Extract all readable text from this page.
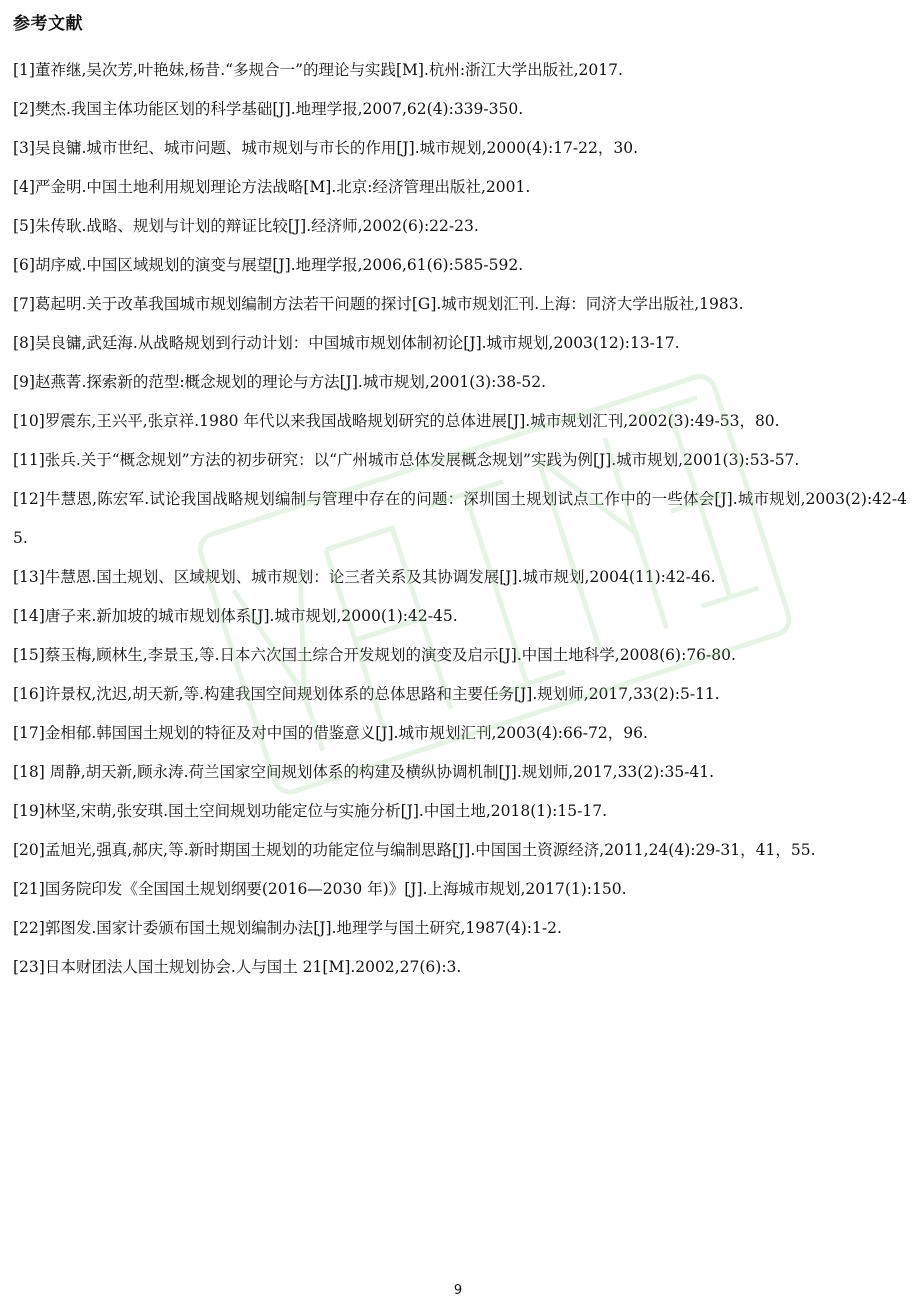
参考文献
[1]董祚继,吴次芳,叶艳妹,杨昔.“多规合一”的理论与实践[M].杭州:浙江大学出版社,2017.
[2]樊杰.我国主体功能区划的科学基础[J].地理学报,2007,62(4):339-350.
[3]吴良镛.城市世纪、城市问题、城市规划与市长的作用[J].城市规划,2000(4):17-22，30.
[4]严金明.中国土地利用规划理论方法战略[M].北京:经济管理出版社,2001.
[5]朱传耿.战略、规划与计划的辩证比较[J].经济师,2002(6):22-23.
[6]胡序威.中国区域规划的演变与展望[J].地理学报,2006,61(6):585-592.
[7]葛起明.关于改革我国城市规划编制方法若干问题的探讨[G].城市规划汇刊.上海：同济大学出版社,1983.
[8]吴良镛,武廷海.从战略规划到行动计划：中国城市规划体制初论[J].城市规划,2003(12):13-17.
[9]赵燕菁.探索新的范型:概念规划的理论与方法[J].城市规划,2001(3):38-52.
[10]罗震东,王兴平,张京祥.1980 年代以来我国战略规划研究的总体进展[J].城市规划汇刊,2002(3):49-53，80.
[11]张兵.关于“概念规划”方法的初步研究：以“广州城市总体发展概念规划”实践为例[J].城市规划,2001(3):53-57.
[12]牛慧恩,陈宏军.试论我国战略规划编制与管理中存在的问题：深圳国土规划试点工作中的一些体会[J].城市规划,2003(2):42-45.
[13]牛慧恩.国土规划、区域规划、城市规划：论三者关系及其协调发展[J].城市规划,2004(11):42-46.
[14]唐子来.新加坡的城市规划体系[J].城市规划,2000(1):42-45.
[15]蔡玉梅,顾林生,李景玉,等.日本六次国土综合开发规划的演变及启示[J].中国土地科学,2008(6):76-80.
[16]许景权,沈迟,胡天新,等.构建我国空间规划体系的总体思路和主要任务[J].规划师,2017,33(2):5-11.
[17]金相郁.韩国国土规划的特征及对中国的借鉴意义[J].城市规划汇刊,2003(4):66-72，96.
[18] 周静,胡天新,顾永涛.荷兰国家空间规划体系的构建及横纵协调机制[J].规划师,2017,33(2):35-41.
[19]林坚,宋萌,张安琪.国土空间规划功能定位与实施分析[J].中国土地,2018(1):15-17.
[20]孟旭光,强真,郝庆,等.新时期国土规划的功能定位与编制思路[J].中国国土资源经济,2011,24(4):29-31，41，55.
[21]国务院印发《全国国土规划纲要(2016—2030 年)》[J].上海城市规划,2017(1):150.
[22]郭图发.国家计委颁布国土规划编制办法[J].地理学与国土研究,1987(4):1-2.
[23]日本财团法人国土规划协会.人与国土 21[M].2002,27(6):3.
9
